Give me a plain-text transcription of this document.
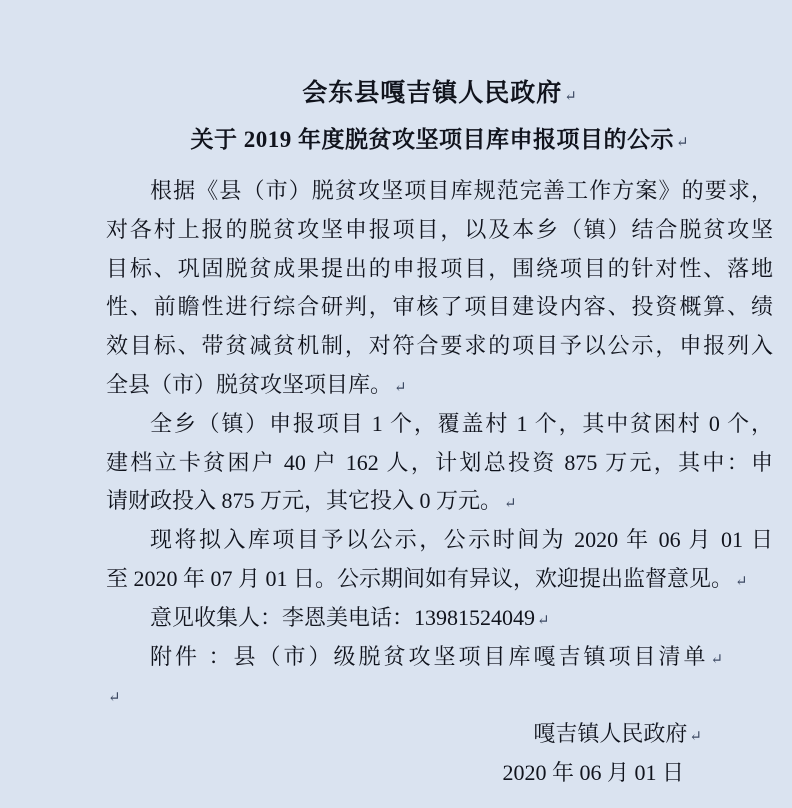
会东县嘎吉镇人民政府 ↵
关于 2019 年度脱贫攻坚项目库申报项目的公示 ↵
根据《县（市）脱贫攻坚项目库规范完善工作方案》的要求，
对各村上报的脱贫攻坚申报项目，以及本乡（镇）结合脱贫攻坚
目标、巩固脱贫成果提出的申报项目，围绕项目的针对性、落地
性、前瞻性进行综合研判，审核了项目建设内容、投资概算、绩
效目标、带贫减贫机制，对符合要求的项目予以公示，申报列入
全县（市）脱贫攻坚项目库。 ↵
全乡（镇）申报项目 1 个，覆盖村 1 个，其中贫困村 0 个，
建档立卡贫困户 40 户 162 人，计划总投资 875 万元，其中：申
请财政投入 875 万元，其它投入 0 万元。 ↵
现将拟入库项目予以公示，公示时间为 2020 年 06 月 01 日
至 2020 年 07 月 01 日。公示期间如有异议，欢迎提出监督意见。 ↵
意见收集人：李恩美电话：13981524049 ↵
附件 ：县（市）级脱贫攻坚项目库嘎吉镇项目清单 ↵
↵
嘎吉镇人民政府 ↵
2020 年 06 月 01 日
